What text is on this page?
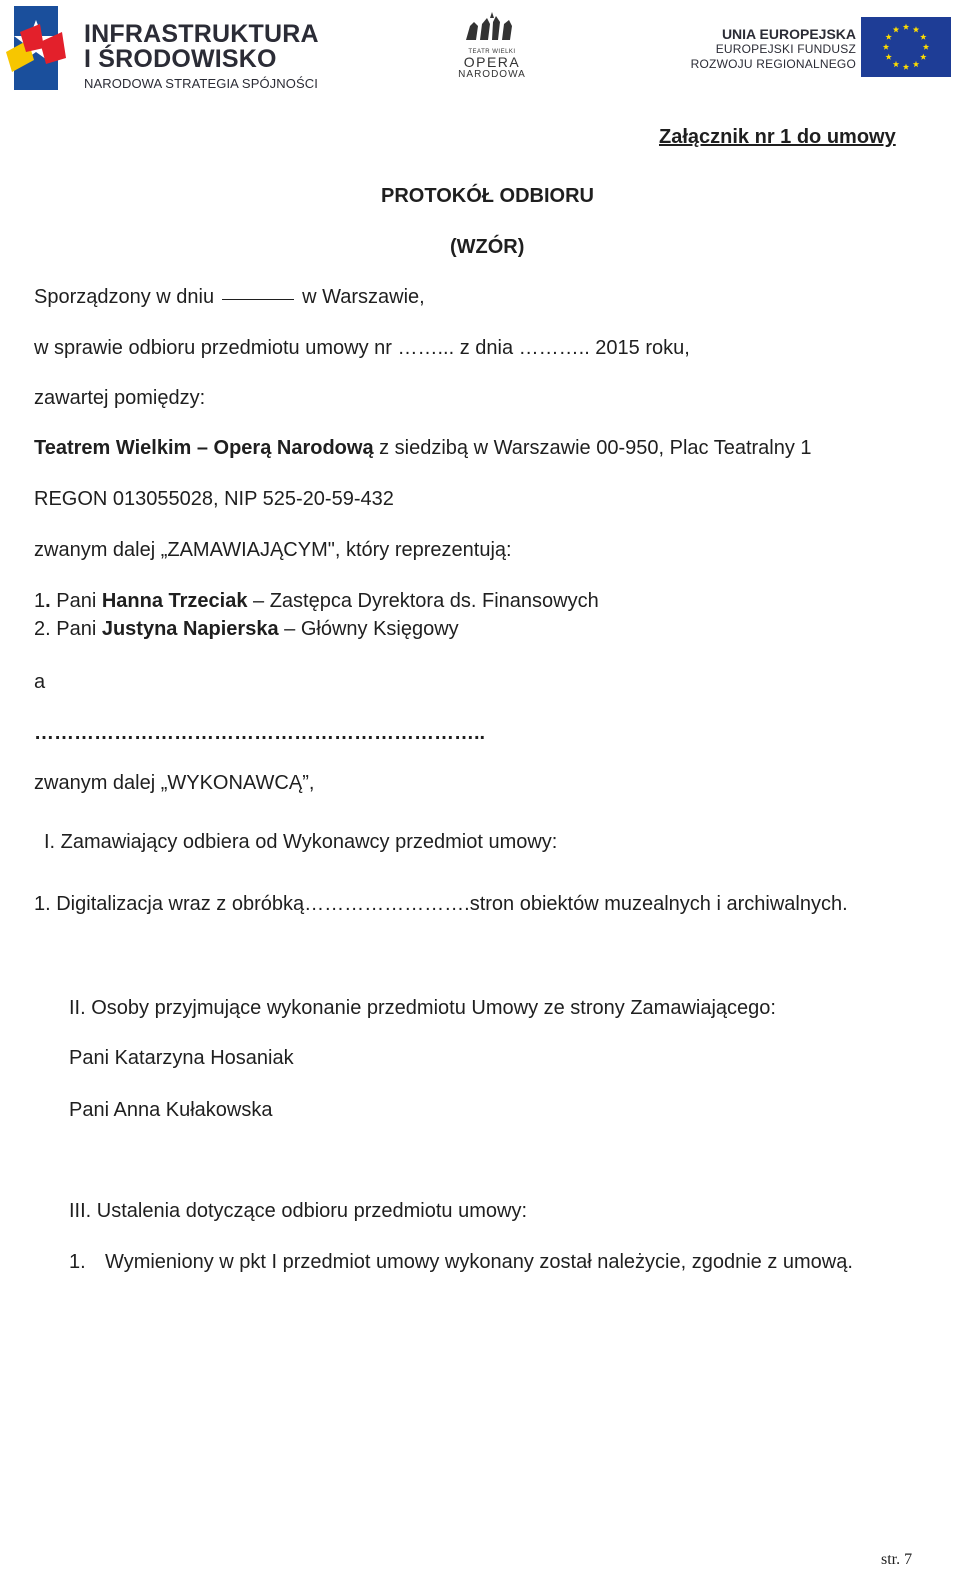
INFRASTRUKTURA
I ŚRODOWISKO
NARODOWA STRATEGIA SPÓJNOŚCI
TEATR WIELKI
OPERA
NARODOWA
UNIA EUROPEJSKA
EUROPEJSKI FUNDUSZ
ROZWOJU REGIONALNEGO
Załącznik nr 1 do umowy
PROTOKÓŁ ODBIORU
(WZÓR)
Sporządzony w dniu	w Warszawie,
w sprawie odbioru przedmiotu umowy nr ……... z dnia ……….. 2015 roku,
zawartej pomiędzy:
Teatrem Wielkim – Operą Narodową z siedzibą w Warszawie 00-950, Plac Teatralny 1
REGON 013055028, NIP 525-20-59-432
zwanym dalej „ZAMAWIAJĄCYM", który reprezentują:
1. Pani Hanna Trzeciak – Zastępca Dyrektora ds. Finansowych
2. Pani Justyna Napierska – Główny Księgowy
a
…………………………………………………………..
zwanym dalej „WYKONAWCĄ”,
I. Zamawiający odbiera od Wykonawcy przedmiot umowy:
1. Digitalizacja wraz z obróbką…………………….stron obiektów muzealnych i archiwalnych.
II. Osoby przyjmujące wykonanie przedmiotu Umowy ze strony Zamawiającego:
Pani Katarzyna Hosaniak
Pani Anna Kułakowska
III. Ustalenia dotyczące odbioru przedmiotu umowy:
1. Wymieniony w pkt I przedmiot umowy wykonany został należycie, zgodnie z umową.
str. 7
